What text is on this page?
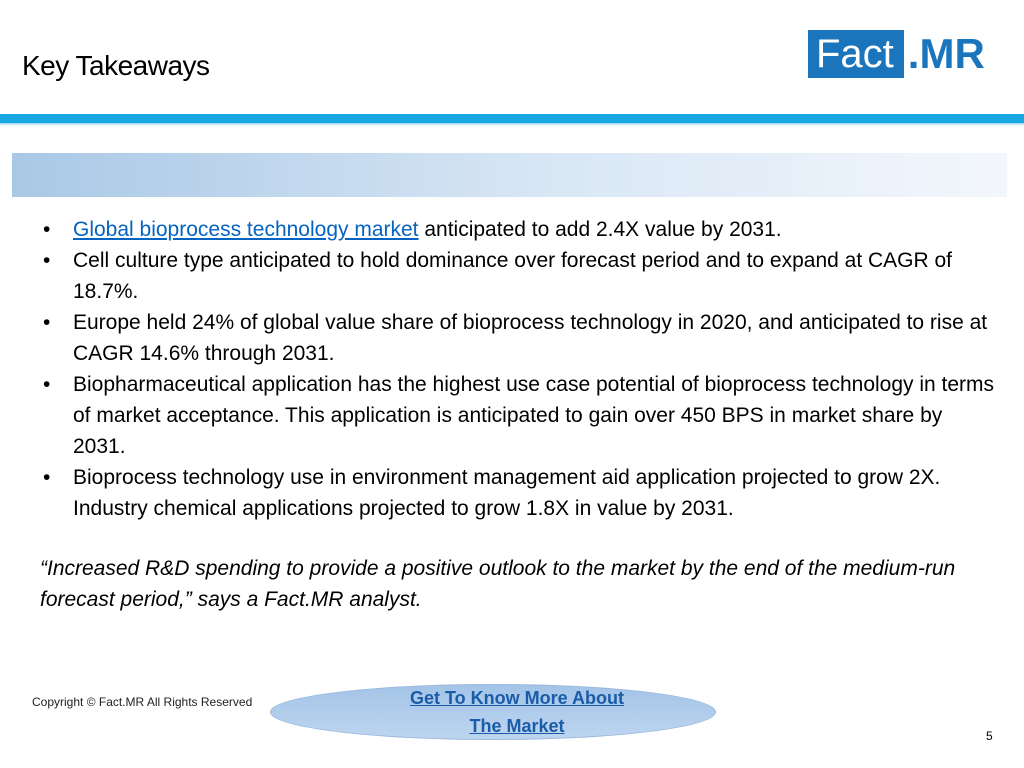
Key Takeaways	Fact .MR
• Global bioprocess technology market anticipated to add 2.4X value by 2031.
• Cell culture type anticipated to hold dominance over forecast period and to expand at CAGR of 18.7%.
• Europe held 24% of global value share of bioprocess technology in 2020, and anticipated to rise at CAGR 14.6% through 2031.
• Biopharmaceutical application has the highest use case potential of bioprocess technology in terms of market acceptance. This application is anticipated to gain over 450 BPS in market share by 2031.
• Bioprocess technology use in environment management aid application projected to grow 2X. Industry chemical applications projected to grow 1.8X in value by 2031.
“Increased R&D spending to provide a positive outlook to the market by the end of the medium-run forecast period,” says a Fact.MR analyst.
Copyright © Fact.MR All Rights Reserved	Get To Know More About
The Market	5
